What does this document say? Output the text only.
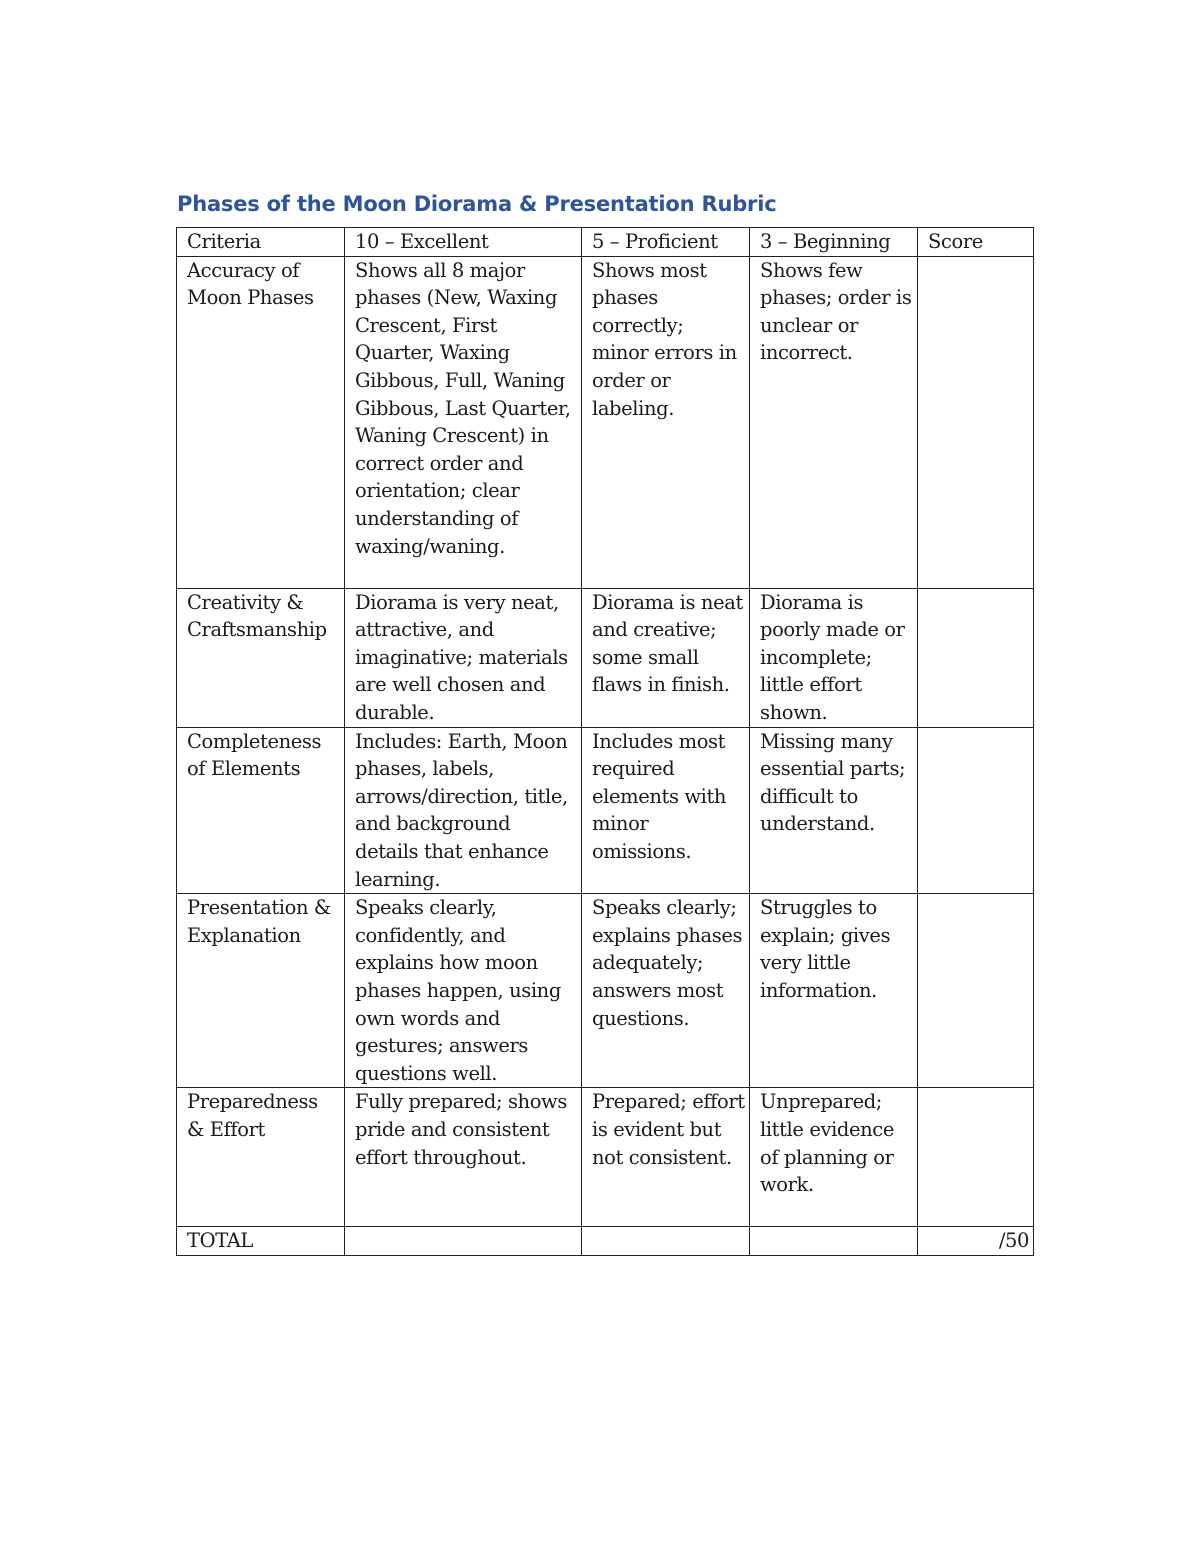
Phases of the Moon Diorama & Presentation Rubric
Criteria	10 – Excellent	5 – Proficient	3 – Beginning	Score
Accuracy of Moon Phases	Shows all 8 major phases (New, Waxing Crescent, First Quarter, Waxing Gibbous, Full, Waning Gibbous, Last Quarter, Waning Crescent) in correct order and orientation; clear understanding of waxing/waning.	Shows most phases correctly; minor errors in order or labeling.	Shows few phases; order is unclear or incorrect.	
Creativity & Craftsmanship	Diorama is very neat, attractive, and imaginative; materials are well chosen and durable.	Diorama is neat and creative; some small flaws in finish.	Diorama is poorly made or incomplete; little effort shown.	
Completeness of Elements	Includes: Earth, Moon phases, labels, arrows/direction, title, and background details that enhance learning.	Includes most required elements with minor omissions.	Missing many essential parts; difficult to understand.	
Presentation & Explanation	Speaks clearly, confidently, and explains how moon phases happen, using own words and gestures; answers questions well.	Speaks clearly; explains phases adequately; answers most questions.	Struggles to explain; gives very little information.	
Preparedness & Effort	Fully prepared; shows pride and consistent effort throughout.	Prepared; effort is evident but not consistent.	Unprepared; little evidence of planning or work.	
TOTAL				/50
